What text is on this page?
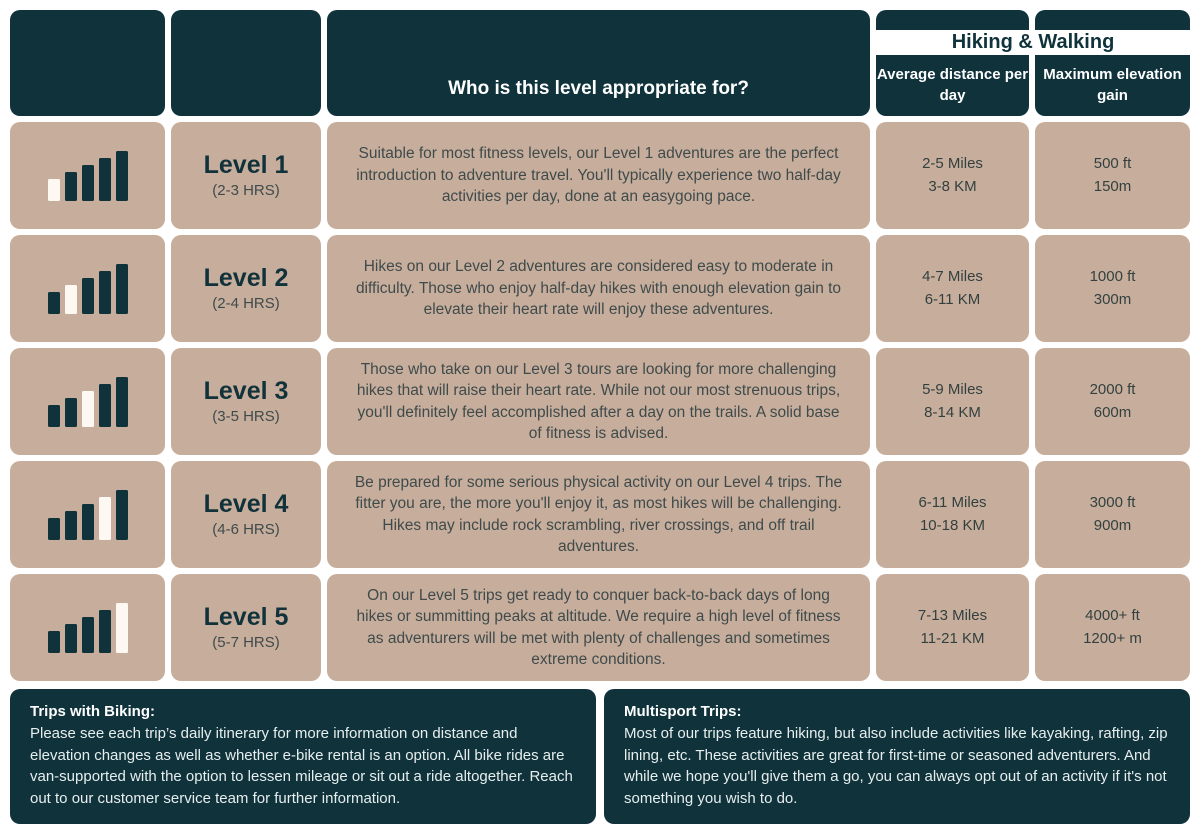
Who is this level appropriate for?
Average distance per day
Maximum elevation gain
Hiking & Walking
Level 1
(2-3 HRS)

Suitable for most fitness levels, our Level 1 adventures are the perfect introduction to adventure travel. You'll typically experience two half-day activities per day, done at an easygoing pace.

2-5 Miles
3-8 KM
500 ft
150m
Level 2
(2-4 HRS)

Hikes on our Level 2 adventures are considered easy to moderate in difficulty. Those who enjoy half-day hikes with enough elevation gain to elevate their heart rate will enjoy these adventures.

4-7 Miles
6-11 KM
1000 ft
300m
Level 3
(3-5 HRS)

Those who take on our Level 3 tours are looking for more challenging hikes that will raise their heart rate. While not our most strenuous trips, you'll definitely feel accomplished after a day on the trails. A solid base of fitness is advised.

5-9 Miles
8-14 KM
2000 ft
600m
Level 4
(4-6 HRS)

Be prepared for some serious physical activity on our Level 4 trips. The fitter you are, the more you'll enjoy it, as most hikes will be challenging. Hikes may include rock scrambling, river crossings, and off trail adventures.

6-11 Miles
10-18 KM
3000 ft
900m
Level 5
(5-7 HRS)

On our Level 5 trips get ready to conquer back-to-back days of long hikes or summitting peaks at altitude. We require a high level of fitness as adventurers will be met with plenty of challenges and sometimes extreme conditions.

7-13 Miles
11-21 KM
4000+ ft
1200+ m
Trips with Biking:
Please see each trip’s daily itinerary for more information on distance and elevation changes as well as whether e-bike rental is an option. All bike rides are van-supported with the option to lessen mileage or sit out a ride altogether. Reach out to our customer service team for further information.
Multisport Trips:
Most of our trips feature hiking, but also include activities like kayaking, rafting, zip lining, etc. These activities are great for first-time or seasoned adventurers. And while we hope you'll give them a go, you can always opt out of an activity if it's not something you wish to do.
